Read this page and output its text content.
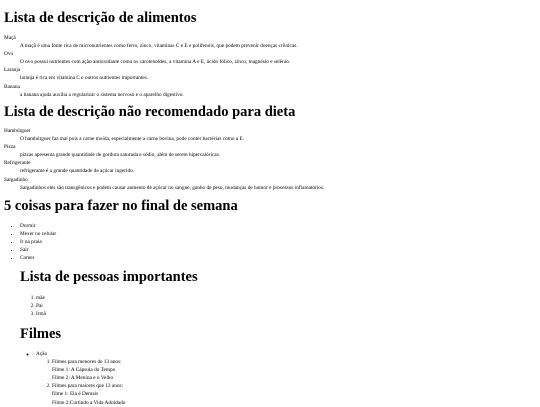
Lista de descrição de alimentos
Maçã
A maçã é uma fonte rica de micronutrientes como ferro, zinco, vitaminas C e E e polifenóis, que podem prevenir doenças crônicas.
Ovo
O ovo possui nutrientes com ação antioxidante como os carotenoides, a vitamina A e E, ácido fólico, zinco, magnésio e selênio.
Laranja
laranja é rica em vitamina C e outros nutrientes importantes.
Banana
a banana ajuda auxilia a regularizar o sistema nervoso e o aparelho digestivo.
Lista de descrição não recomendado para dieta
Hambúrguer
O hambúrguer faz mal pois a carne moída, especialmente a carne bovina, pode conter bactérias como a E.
Pizza
pizzas apresenta grande quantidade de gordura saturada e sódio, além de serem hipercalóricas.
Refrigerante
refrigerante é a grande quantidade de açúcar ingerido.
Salgadinho
Salgadinhos eles são transgênicos e podem causar aumento de açúcar no sangue, ganho de peso, mudanças de humor e processos inflamatórios.
5 coisas para fazer no final de semana
• Dormir
• Mexer no celular
• Ir na praia
• Sair
• Comer
Lista de pessoas importantes
1. mãe
2. Pai
3. Irmã
Filmes
◦ Ação
1. Filmes para menores de 13 anos:
Filme 1: A Cápsula do Tempo
Filme 2: A Menina e o Velho
2. Filmes para maiores que 13 anos:
filme 1: Ela é Demais
Filme 2:Curtindo a Vida Adoidado
